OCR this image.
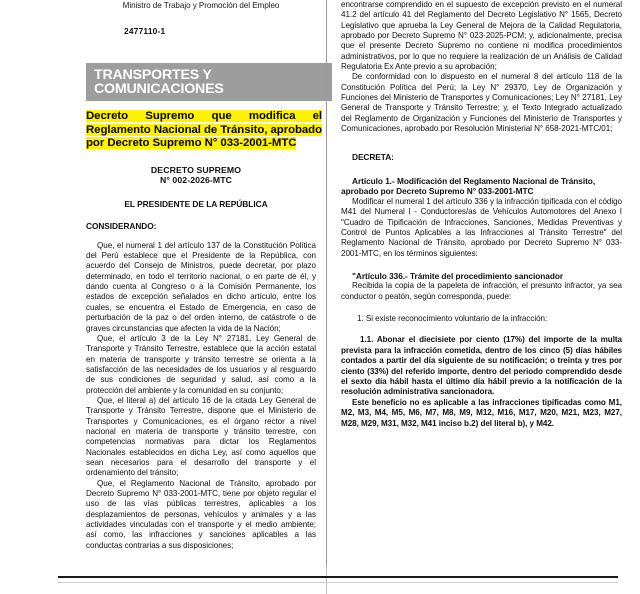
Ministro de Trabajo y Promoción del Empleo

2477110-1

TRANSPORTES Y COMUNICACIONES

Decreto Supremo que modifica el Reglamento Nacional de Tránsito, aprobado por Decreto Supremo N° 033-2001-MTC

DECRETO SUPREMO
N° 002-2026-MTC

EL PRESIDENTE DE LA REPÚBLICA

CONSIDERANDO:

Que, el numeral 1 del artículo 137 de la Constitución Política del Perú establece que el Presidente de la República, con acuerdo del Consejo de Ministros, puede decretar, por plazo determinado, en todo el territorio nacional, o en parte de él, y dando cuenta al Congreso o a la Comisión Permanente, los estados de excepción señalados en dicho artículo, entre los cuales, se encuentra el Estado de Emergencia, en caso de perturbación de la paz o del orden interno, de catástrofe o de graves circunstancias que afecten la vida de la Nación;

Que, el artículo 3 de la Ley N° 27181, Ley General de Transporte y Tránsito Terrestre, establece que la acción estatal en materia de transporte y tránsito terrestre se orienta a la satisfacción de las necesidades de los usuarios y al resguardo de sus condiciones de seguridad y salud, así como a la protección del ambiente y la comunidad en su conjunto;

Que, el literal a) del artículo 16 de la citada Ley General de Transporte y Tránsito Terrestre, dispone que el Ministerio de Transportes y Comunicaciones, es el órgano rector a nivel nacional en materia de transporte y tránsito terrestre, con competencias normativas para dictar los Reglamentos Nacionales establecidos en dicha Ley, así como aquellos que sean necesarios para el desarrollo del transporte y el ordenamiento del tránsito;

Que, el Reglamento Nacional de Tránsito, aprobado por Decreto Supremo N° 033-2001-MTC, tiene por objeto regular el uso de las vías públicas terrestres, aplicables a los desplazamientos de personas, vehículos y animales y a las actividades vinculadas con el transporte y el medio ambiente; así como, las infracciones y sanciones aplicables a las conductas contrarias a sus disposiciones;

encontrarse comprendido en el supuesto de excepción previsto en el numeral 41.2 del artículo 41 del Reglamento del Decreto Legislativo N° 1565, Decreto Legislativo que aprueba la Ley General de Mejora de la Calidad Regulatoria, aprobado por Decreto Supremo N° 023-2025-PCM; y, adicionalmente, precisa que el presente Decreto Supremo no contiene ni modifica procedimientos administrativos, por lo que no requiere la realización de un Análisis de Calidad Regulatoria Ex Ante previo a su aprobación;

De conformidad con lo dispuesto en el numeral 8 del artículo 118 de la Constitución Política del Perú; la Ley N° 29370, Ley de Organización y Funciones del Ministerio de Transportes y Comunicaciones; Ley N° 27181, Ley General de Transporte y Tránsito Terrestre; y, el Texto Integrado actualizado del Reglamento de Organización y Funciones del Ministerio de Transportes y Comunicaciones, aprobado por Resolución Ministerial N° 658-2021-MTC/01;

DECRETA:

Artículo 1.- Modificación del Reglamento Nacional de Tránsito, aprobado por Decreto Supremo N° 033-2001-MTC

Modificar el numeral 1 del artículo 336 y la infracción tipificada con el código M41 del Numeral I - Conductores/as de Vehículos Automotores del Anexo I "Cuadro de Tipificación de Infracciones, Sanciones, Medidas Preventivas y Control de Puntos Aplicables a las Infracciones al Tránsito Terrestre" del Reglamento Nacional de Tránsito, aprobado por Decreto Supremo N° 033-2001-MTC, en los términos siguientes:

"Artículo 336.- Trámite del procedimiento sancionador

Recibida la copia de la papeleta de infracción, el presunto infractor, ya sea conductor o peatón, según corresponda, puede:

1. Si existe reconocimiento voluntario de la infracción:

1.1. Abonar el diecisiete por ciento (17%) del importe de la multa prevista para la infracción cometida, dentro de los cinco (5) días hábiles contados a partir del día siguiente de su notificación; o treinta y tres por ciento (33%) del referido importe, dentro del periodo comprendido desde el sexto día hábil hasta el último día hábil previo a la notificación de la resolución administrativa sancionadora.

Este beneficio no es aplicable a las infracciones tipificadas como M1, M2, M3, M4, M5, M6, M7, M8, M9, M12, M16, M17, M20, M21, M23, M27, M28, M29, M31, M32, M41 inciso b.2) del literal b), y M42.
